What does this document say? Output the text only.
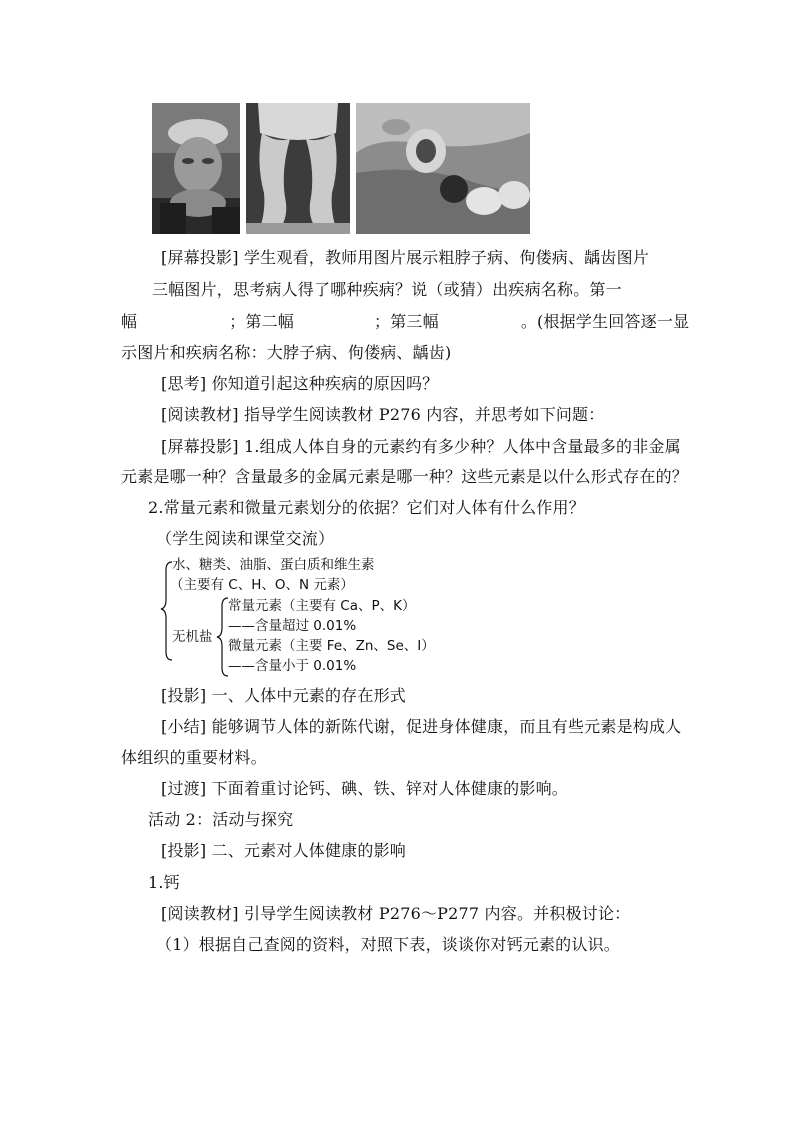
[屏幕投影] 学生观看，教师用图片展示粗脖子病、佝偻病、龋齿图片
三幅图片，思考病人得了哪种疾病？说（或猜）出疾病名称。第一
幅	；第二幅	；第三幅	。(根据学生回答逐一显
示图片和疾病名称：大脖子病、佝偻病、龋齿)
[思考] 你知道引起这种疾病的原因吗？
[阅读教材] 指导学生阅读教材 P276 内容，并思考如下问题：
[屏幕投影] 1.组成人体自身的元素约有多少种？人体中含量最多的非金属
元素是哪一种？含量最多的金属元素是哪一种？这些元素是以什么形式存在的？
2.常量元素和微量元素划分的依据？它们对人体有什么作用？
（学生阅读和课堂交流）
水、糖类、油脂、蛋白质和维生素
（主要有 C、H、O、N 元素）
无机盐
常量元素（主要有 Ca、P、K）
——含量超过 0.01%
微量元素（主要 Fe、Zn、Se、I）
——含量小于 0.01%
[投影] 一、人体中元素的存在形式
[小结] 能够调节人体的新陈代谢，促进身体健康，而且有些元素是构成人
体组织的重要材料。
[过渡] 下面着重讨论钙、碘、铁、锌对人体健康的影响。
活动 2：活动与探究
[投影] 二、元素对人体健康的影响
1.钙
[阅读教材] 引导学生阅读教材 P276～P277 内容。并积极讨论：
（1）根据自己查阅的资料，对照下表，谈谈你对钙元素的认识。
